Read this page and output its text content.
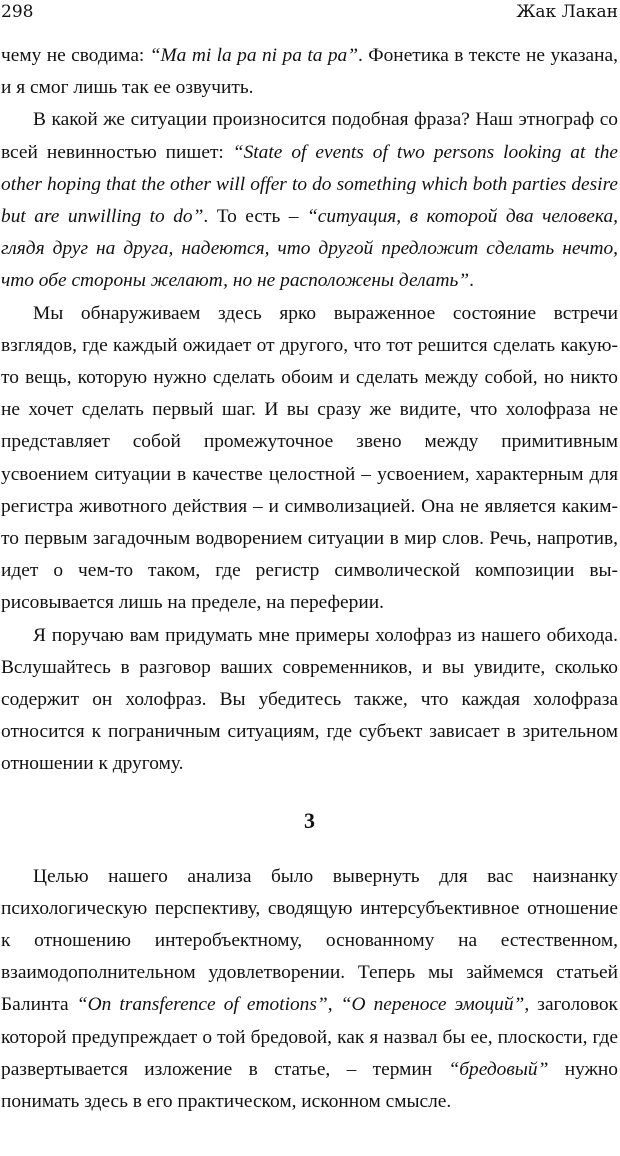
298	Жак Лакан

чему не сводима: “Ma mi la pa ni pa ta pa”. Фонетика в тексте не указана, и я смог лишь так ее озвучить.

В какой же ситуации произносится подобная фраза? Наш этнограф со всей невинностью пишет: “State of events of two persons looking at the other hoping that the other will offer to do something which both parties desire but are unwilling to do”. То есть – “ситуация, в которой два человека, глядя друг на друга, надеются, что другой предложит сделать нечто, что обе стороны желают, но не расположены делать”.

Мы обнаруживаем здесь ярко выраженное состояние встречи взглядов, где каждый ожидает от другого, что тот решится сделать какую-то вещь, которую нужно сделать обоим и сделать между собой, но никто не хочет сделать первый шаг. И вы сразу же видите, что холофраза не представляет собой промежуточное звено между примитивным усвоением ситуации в качестве целостной – усвоением, характерным для регистра животного действия – и символизацией. Она не является каким-то первым загадочным водворением ситуации в мир слов. Речь, напротив, идет о чем-то таком, где регистр символической композиции вырисовывается лишь на пределе, на переферии.

Я поручаю вам придумать мне примеры холофраз из нашего обихода. Вслушайтесь в разговор ваших современников, и вы увидите, сколько содержит он холофраз. Вы убедитесь также, что каждая холофраза относится к пограничным ситуациям, где субъект зависает в зрительном отношении к другому.

3

Целью нашего анализа было вывернуть для вас наизнанку психологическую перспективу, сводящую интерсубъективное отношение к отношению интеробъектному, основанному на естественном, взаимодополнительном удовлетворении. Теперь мы займемся статьей Балинта “On transference of emotions”, “О переносе эмоций”, заголовок которой предупреждает о той бредовой, как я назвал бы ее, плоскости, где развертывается изложение в статье, – термин “бредовый” нужно понимать здесь в его практическом, исконном смысле.
